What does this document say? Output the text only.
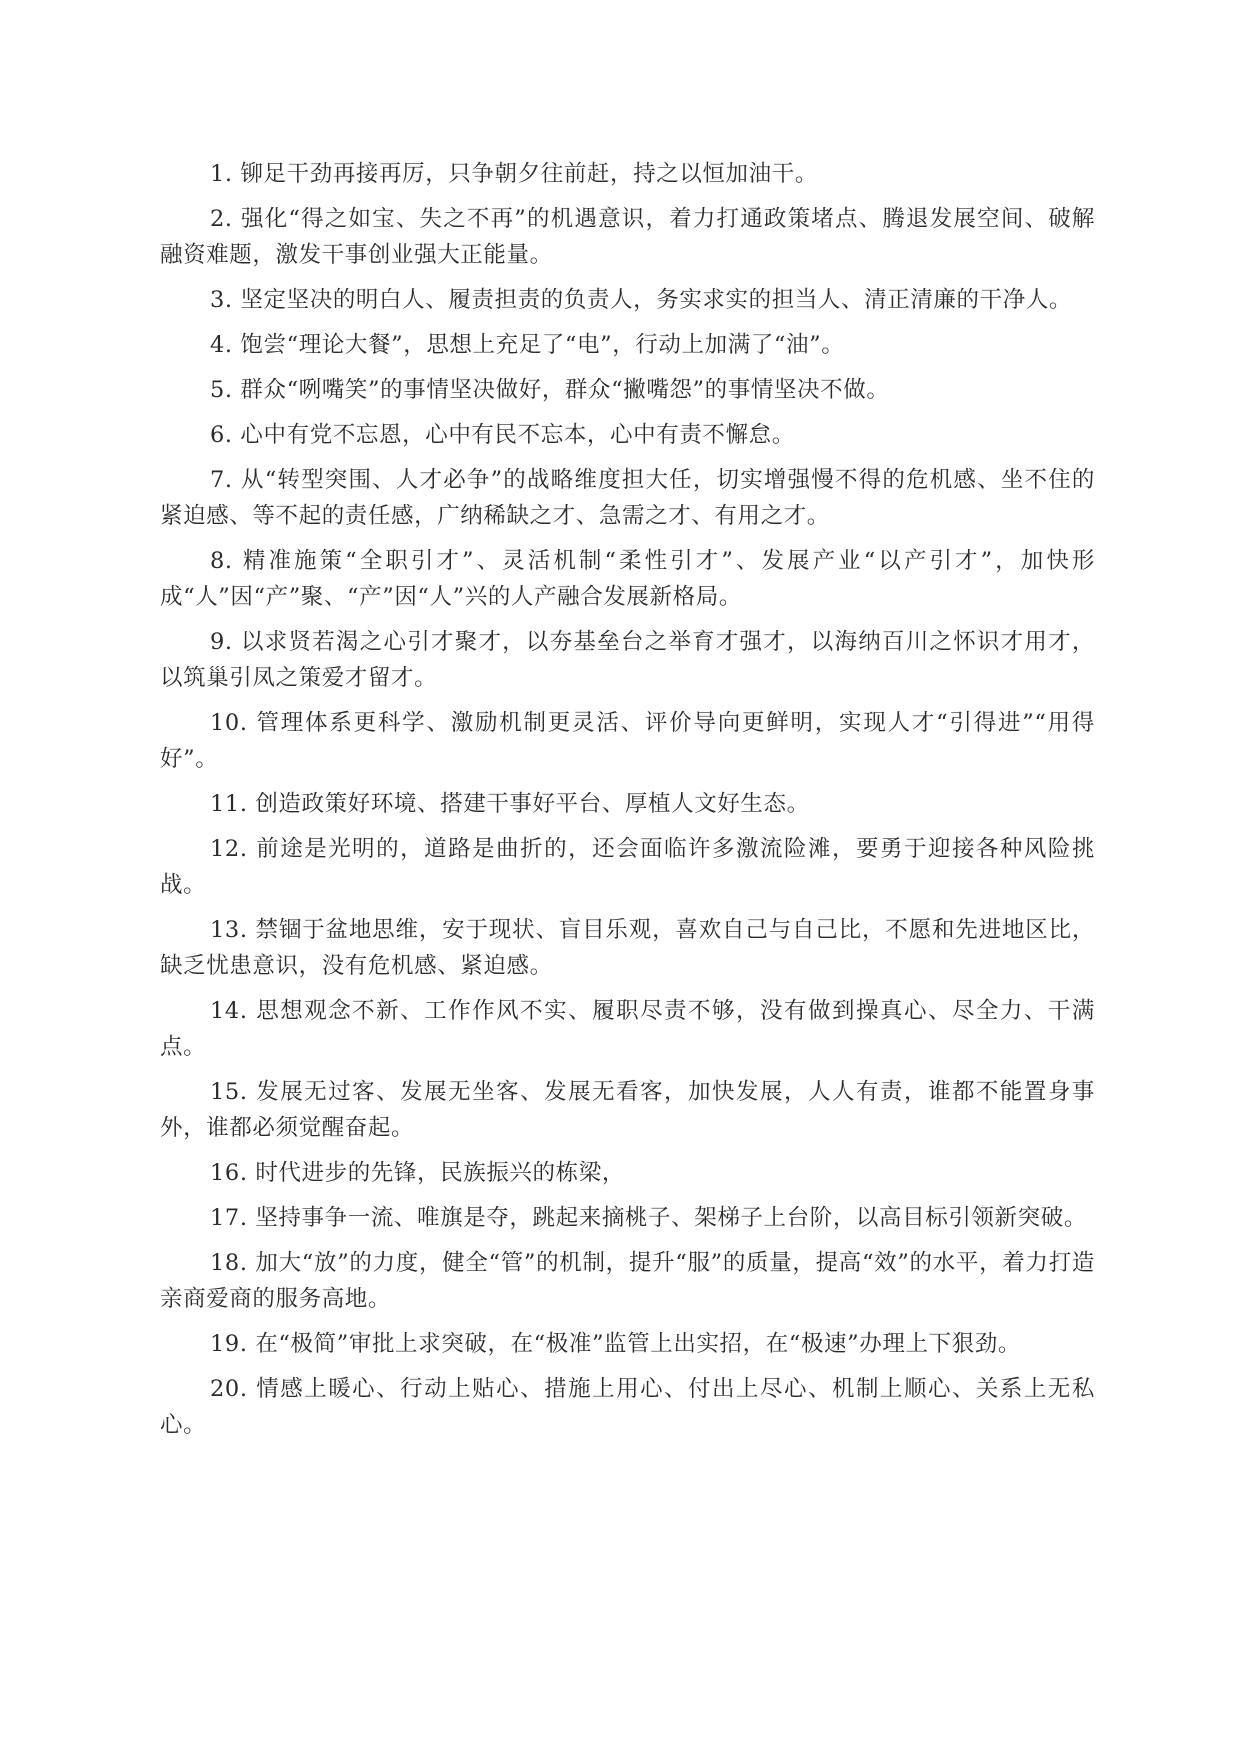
1. 铆足干劲再接再厉，只争朝夕往前赶，持之以恒加油干。

2. 强化“得之如宝、失之不再”的机遇意识，着力打通政策堵点、腾退发展空间、破解融资难题，激发干事创业强大正能量。

3. 坚定坚决的明白人、履责担责的负责人，务实求实的担当人、清正清廉的干净人。

4. 饱尝“理论大餐”，思想上充足了“电”，行动上加满了“油”。

5. 群众“咧嘴笑”的事情坚决做好，群众“撇嘴怨”的事情坚决不做。

6. 心中有党不忘恩，心中有民不忘本，心中有责不懈怠。

7. 从“转型突围、人才必争”的战略维度担大任，切实增强慢不得的危机感、坐不住的紧迫感、等不起的责任感，广纳稀缺之才、急需之才、有用之才。

8. 精准施策“全职引才”、灵活机制“柔性引才”、发展产业“以产引才”，加快形成“人”因“产”聚、“产”因“人”兴的人产融合发展新格局。

9. 以求贤若渴之心引才聚才，以夯基垒台之举育才强才，以海纳百川之怀识才用才，以筑巢引凤之策爱才留才。

10. 管理体系更科学、激励机制更灵活、评价导向更鲜明，实现人才“引得进”“用得好”。

11. 创造政策好环境、搭建干事好平台、厚植人文好生态。

12. 前途是光明的，道路是曲折的，还会面临许多激流险滩，要勇于迎接各种风险挑战。

13. 禁锢于盆地思维，安于现状、盲目乐观，喜欢自己与自己比，不愿和先进地区比，缺乏忧患意识，没有危机感、紧迫感。

14. 思想观念不新、工作作风不实、履职尽责不够，没有做到操真心、尽全力、干满点。

15. 发展无过客、发展无坐客、发展无看客，加快发展，人人有责，谁都不能置身事外，谁都必须觉醒奋起。

16. 时代进步的先锋，民族振兴的栋梁，

17. 坚持事争一流、唯旗是夺，跳起来摘桃子、架梯子上台阶，以高目标引领新突破。

18. 加大“放”的力度，健全“管”的机制，提升“服”的质量，提高“效”的水平，着力打造亲商爱商的服务高地。

19. 在“极简”审批上求突破，在“极准”监管上出实招，在“极速”办理上下狠劲。

20. 情感上暖心、行动上贴心、措施上用心、付出上尽心、机制上顺心、关系上无私心。
